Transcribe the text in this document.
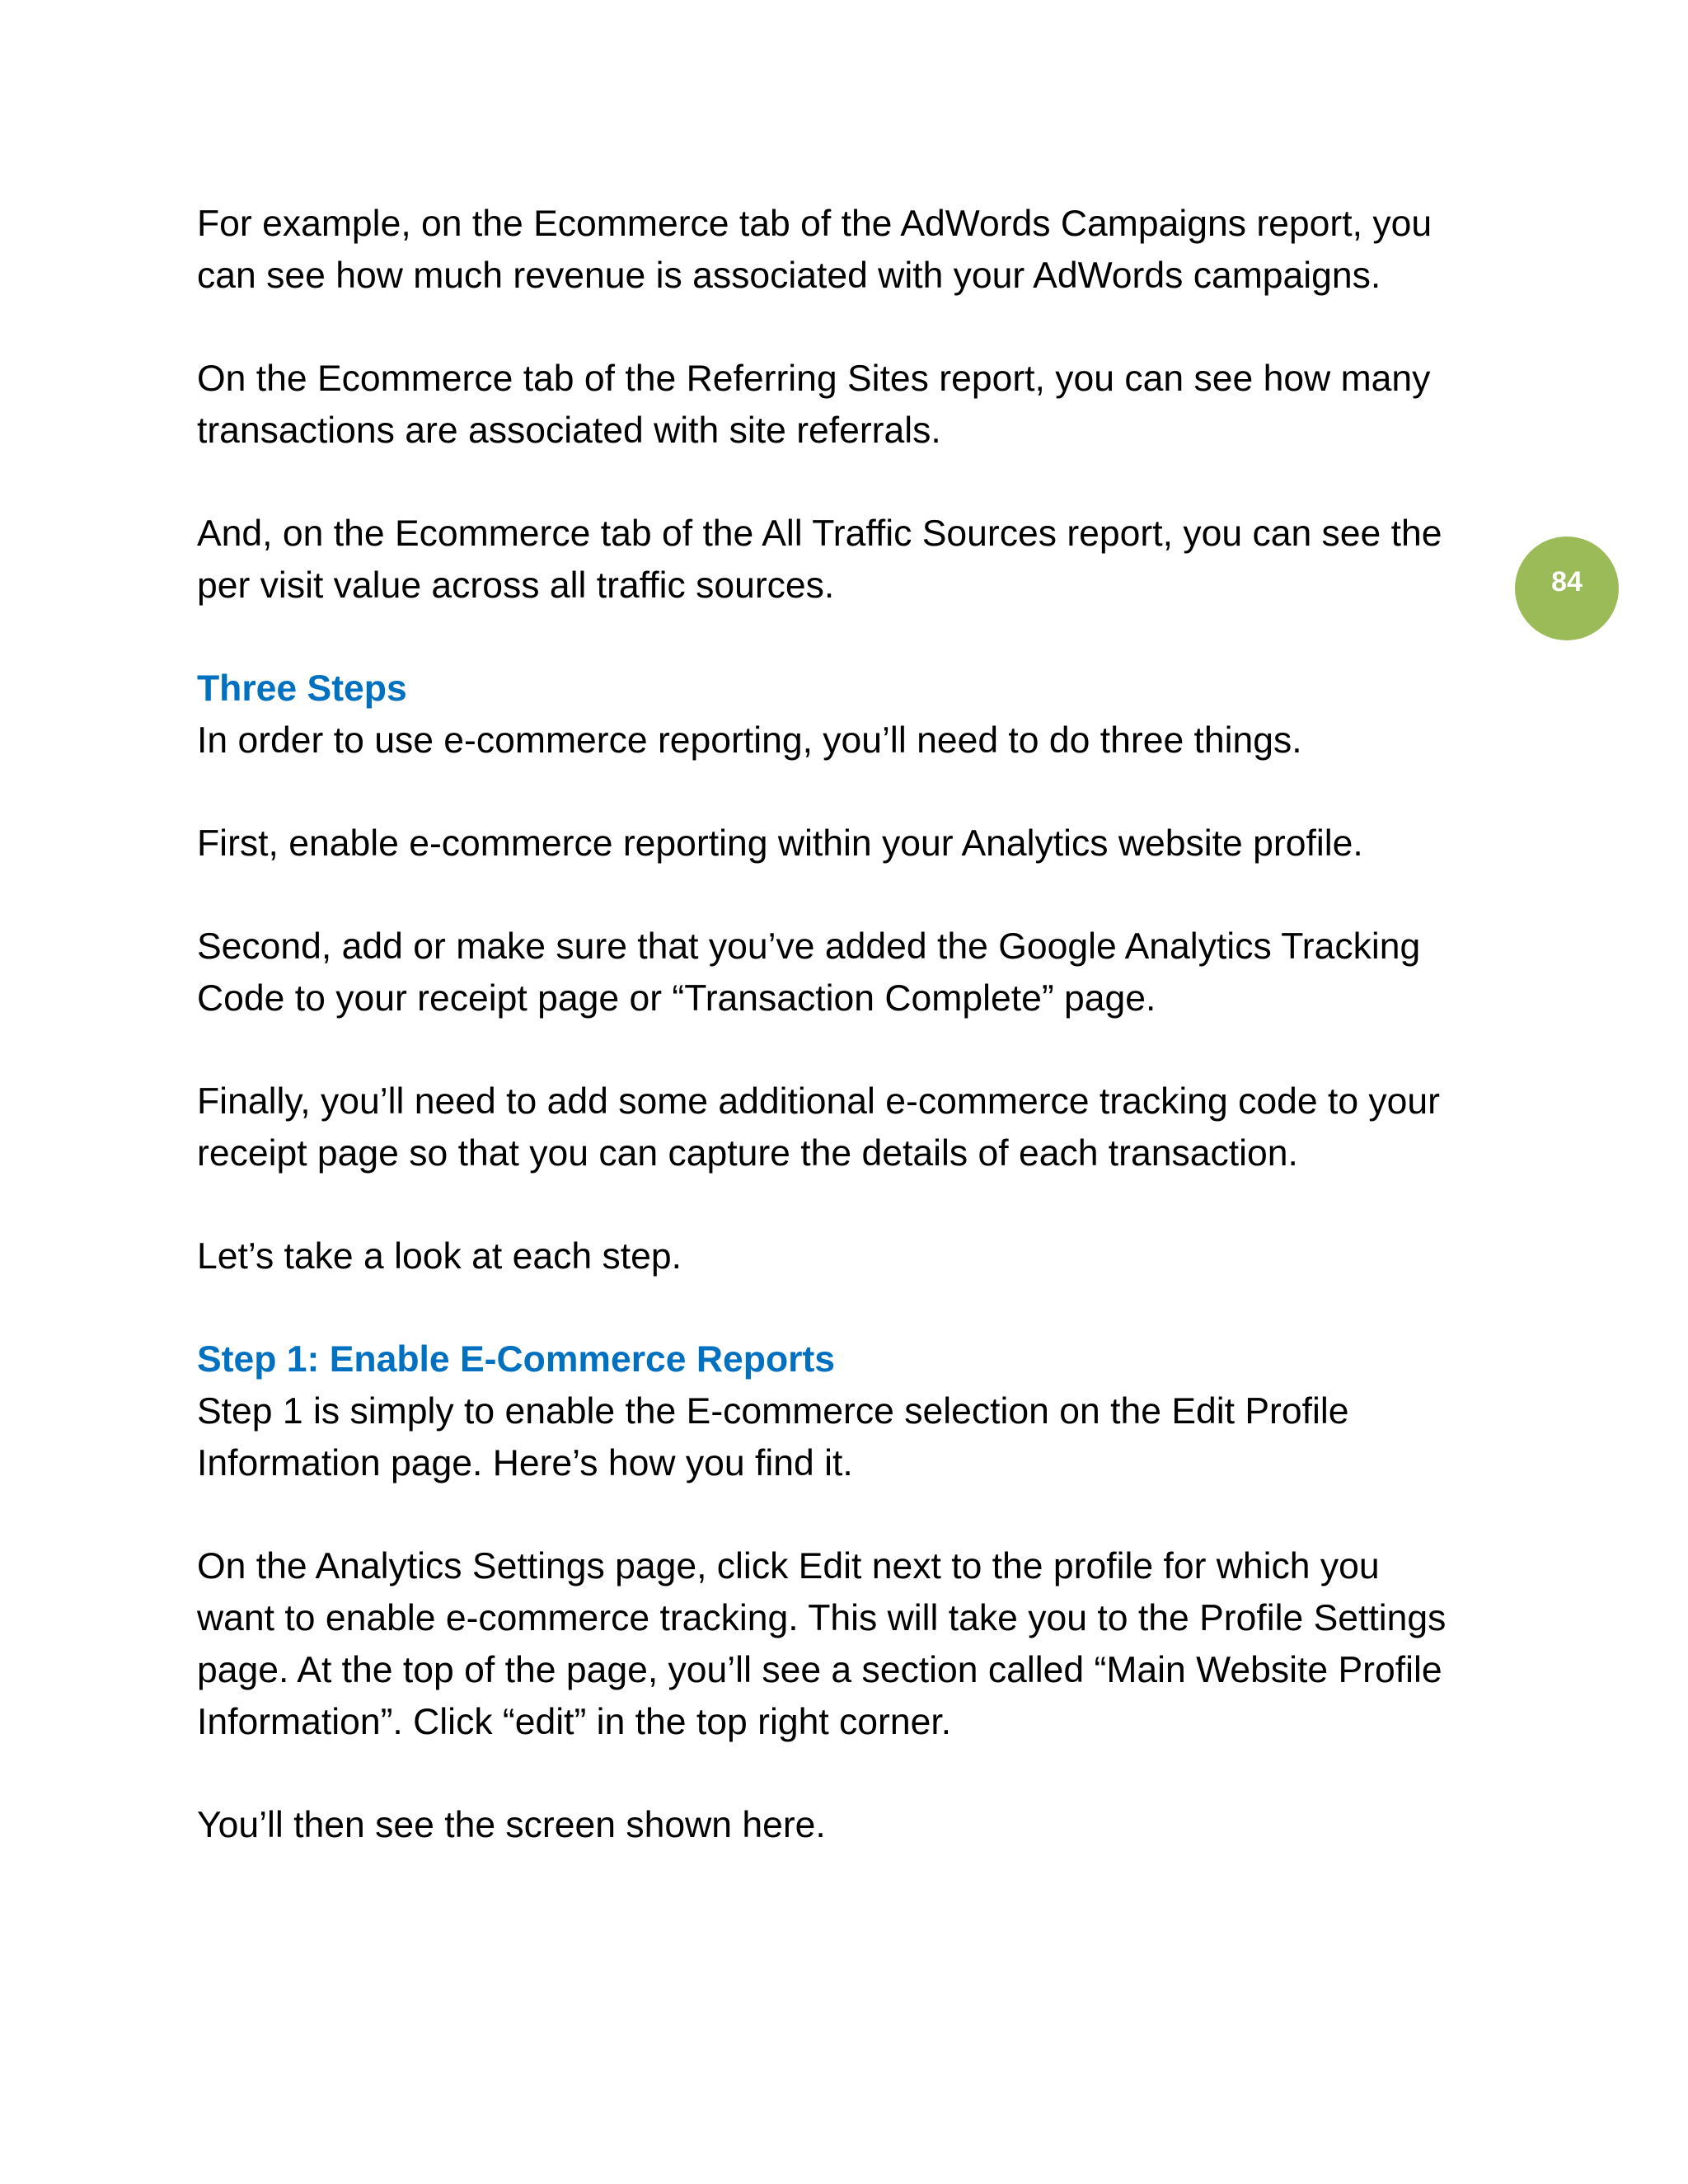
84

For example, on the Ecommerce tab of the AdWords Campaigns report, you can see how much revenue is associated with your AdWords campaigns.

On the Ecommerce tab of the Referring Sites report, you can see how many transactions are associated with site referrals.

And, on the Ecommerce tab of the All Traffic Sources report, you can see the per visit value across all traffic sources.

Three Steps

In order to use e-commerce reporting, you’ll need to do three things.

First, enable e-commerce reporting within your Analytics website profile.

Second, add or make sure that you’ve added the Google Analytics Tracking Code to your receipt page or “Transaction Complete” page.

Finally, you’ll need to add some additional e-commerce tracking code to your receipt page so that you can capture the details of each transaction.

Let’s take a look at each step.

Step 1: Enable E-Commerce Reports

Step 1 is simply to enable the E-commerce selection on the Edit Profile Information page. Here’s how you find it.

On the Analytics Settings page, click Edit next to the profile for which you want to enable e-commerce tracking. This will take you to the Profile Settings page. At the top of the page, you’ll see a section called “Main Website Profile Information”. Click “edit” in the top right corner.

You’ll then see the screen shown here.
